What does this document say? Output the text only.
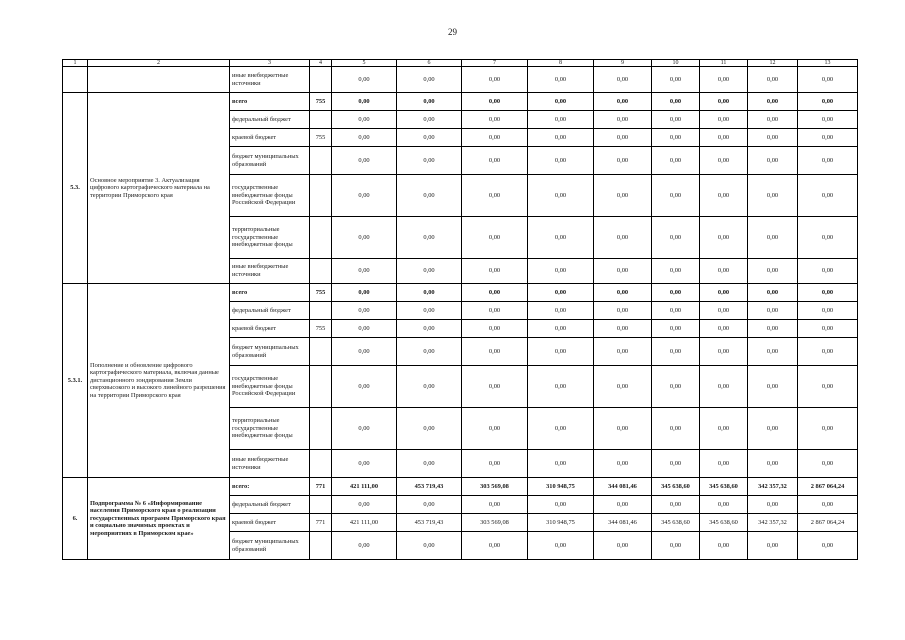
29
1	2	3	4	5	6	7	8	9	10	11	12	13
		иные внебюджетные источники		0,00	0,00	0,00	0,00	0,00	0,00	0,00	0,00	0,00
5.3.	Основное мероприятие 3. Актуализация цифрового картографического материала на территории Приморского края	всего	755	0,00	0,00	0,00	0,00	0,00	0,00	0,00	0,00	0,00
		федеральный бюджет		0,00	0,00	0,00	0,00	0,00	0,00	0,00	0,00	0,00
		краевой бюджет	755	0,00	0,00	0,00	0,00	0,00	0,00	0,00	0,00	0,00
		бюджет муниципальных образований		0,00	0,00	0,00	0,00	0,00	0,00	0,00	0,00	0,00
		государственные внебюджетные фонды Российской Федерации		0,00	0,00	0,00	0,00	0,00	0,00	0,00	0,00	0,00
		территориальные государственные внебюджетные фонды		0,00	0,00	0,00	0,00	0,00	0,00	0,00	0,00	0,00
		иные внебюджетные источники		0,00	0,00	0,00	0,00	0,00	0,00	0,00	0,00	0,00
5.3.1.	Пополнение и обновление цифрового картографического материала, включая данные дистанционного зондирования Земли сверхвысокого и высокого линейного разрешения на территории Приморского края	всего	755	0,00	0,00	0,00	0,00	0,00	0,00	0,00	0,00	0,00
		федеральный бюджет		0,00	0,00	0,00	0,00	0,00	0,00	0,00	0,00	0,00
		краевой бюджет	755	0,00	0,00	0,00	0,00	0,00	0,00	0,00	0,00	0,00
		бюджет муниципальных образований		0,00	0,00	0,00	0,00	0,00	0,00	0,00	0,00	0,00
		государственные внебюджетные фонды Российской Федерации		0,00	0,00	0,00	0,00	0,00	0,00	0,00	0,00	0,00
		территориальные государственные внебюджетные фонды		0,00	0,00	0,00	0,00	0,00	0,00	0,00	0,00	0,00
		иные внебюджетные источники		0,00	0,00	0,00	0,00	0,00	0,00	0,00	0,00	0,00
6.	Подпрограмма № 6 «Информирование населения Приморского края о реализации государственных программ Приморского края и социально значимых проектах и мероприятиях в Приморском крае»	всего:	771	421 111,00	453 719,43	303 569,08	310 948,75	344 081,46	345 638,60	345 638,60	342 357,32	2 867 064,24
		федеральный бюджет		0,00	0,00	0,00	0,00	0,00	0,00	0,00	0,00	0,00
		краевой бюджет	771	421 111,00	453 719,43	303 569,08	310 948,75	344 081,46	345 638,60	345 638,60	342 357,32	2 867 064,24
		бюджет муниципальных образований		0,00	0,00	0,00	0,00	0,00	0,00	0,00	0,00	0,00
